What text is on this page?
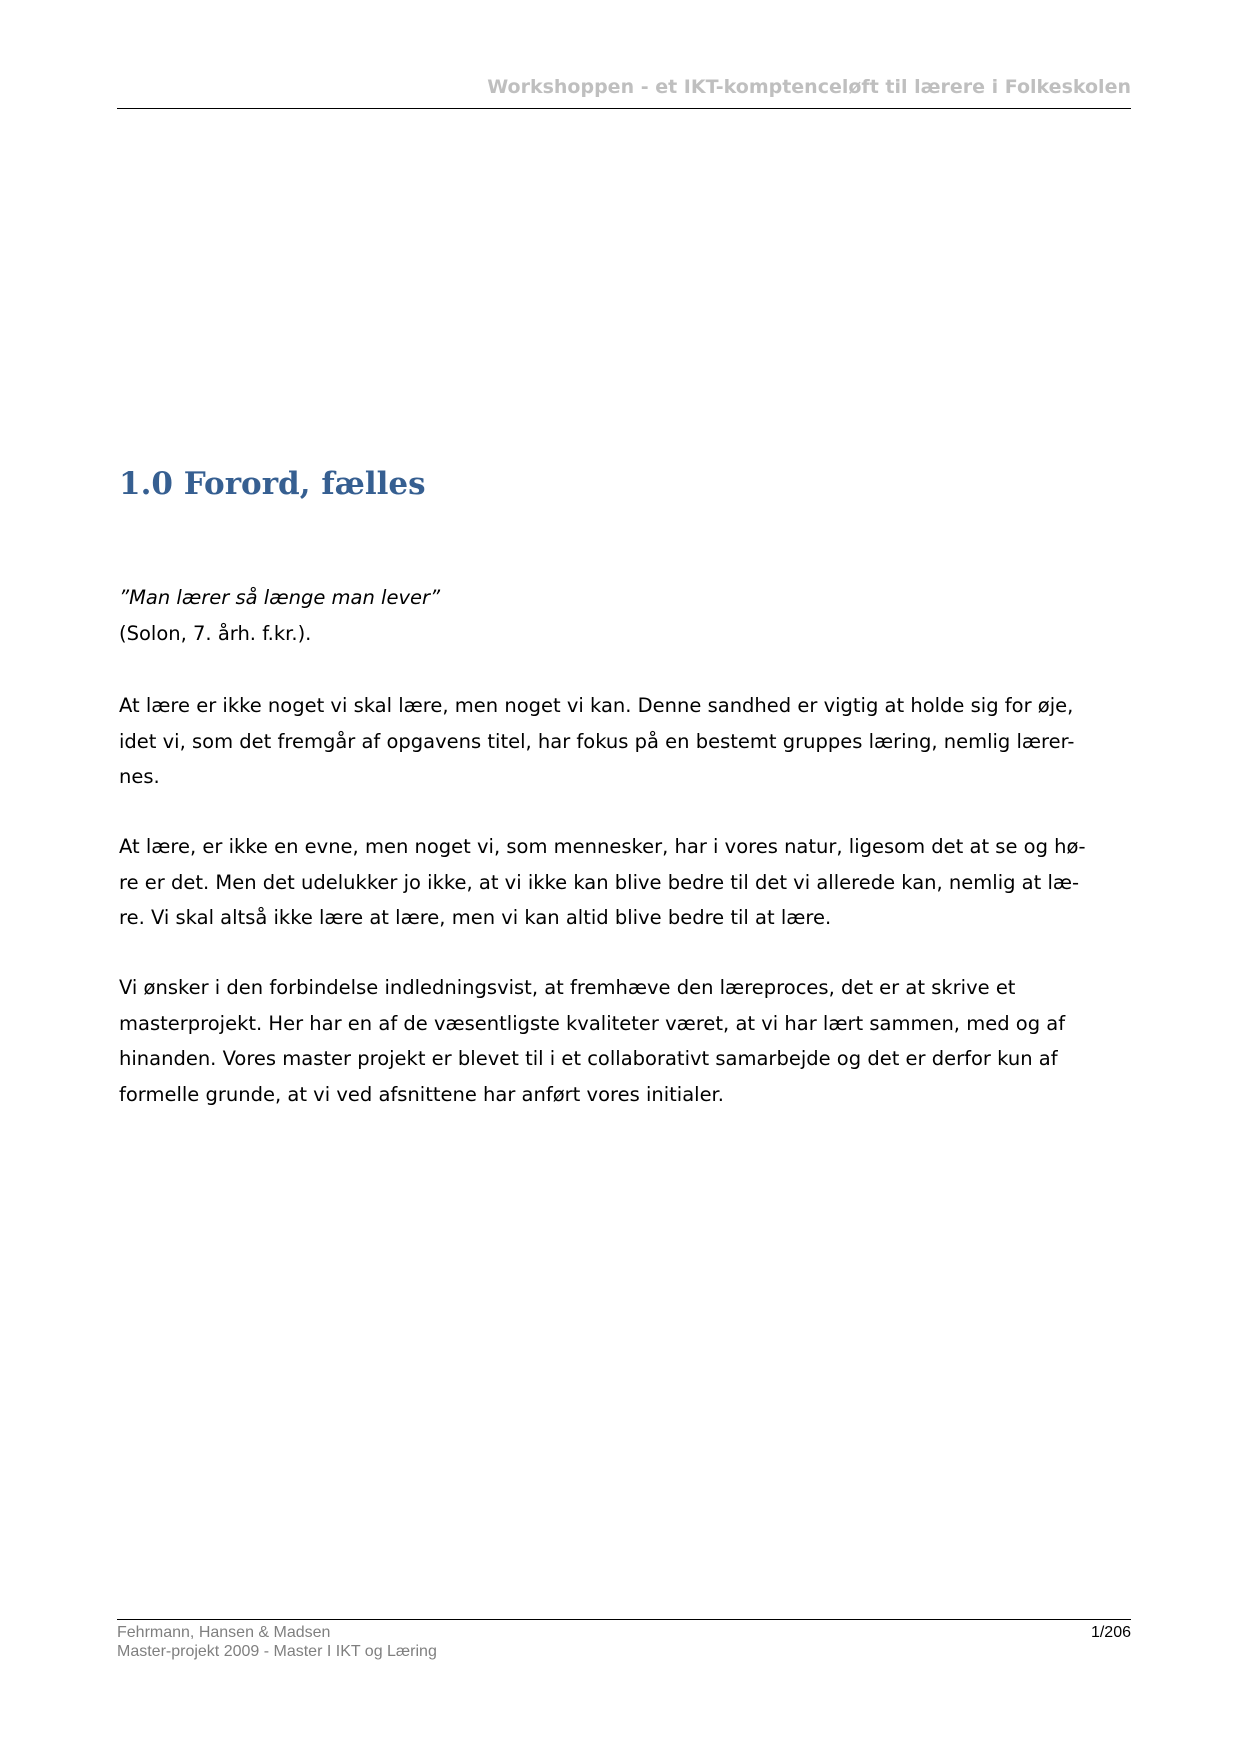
Workshoppen - et IKT-komptenceløft til lærere i Folkeskolen
1.0 Forord, fælles
”Man lærer så længe man lever”
(Solon, 7. årh. f.kr.).
At lære er ikke noget vi skal lære, men noget vi kan. Denne sandhed er vigtig at holde sig for øje,
idet vi, som det fremgår af opgavens titel, har fokus på en bestemt gruppes læring, nemlig lærer-
nes.
At lære, er ikke en evne, men noget vi, som mennesker, har i vores natur, ligesom det at se og hø-
re er det. Men det udelukker jo ikke, at vi ikke kan blive bedre til det vi allerede kan, nemlig at læ-
re. Vi skal altså ikke lære at lære, men vi kan altid blive bedre til at lære.
Vi ønsker i den forbindelse indledningsvist, at fremhæve den læreproces, det er at skrive et
masterprojekt. Her har en af de væsentligste kvaliteter været, at vi har lært sammen, med og af
hinanden. Vores master projekt er blevet til i et collaborativt samarbejde og det er derfor kun af
formelle grunde, at vi ved afsnittene har anført vores initialer.
Fehrmann, Hansen & Madsen
Master-projekt 2009 - Master I IKT og Læring
1/206
